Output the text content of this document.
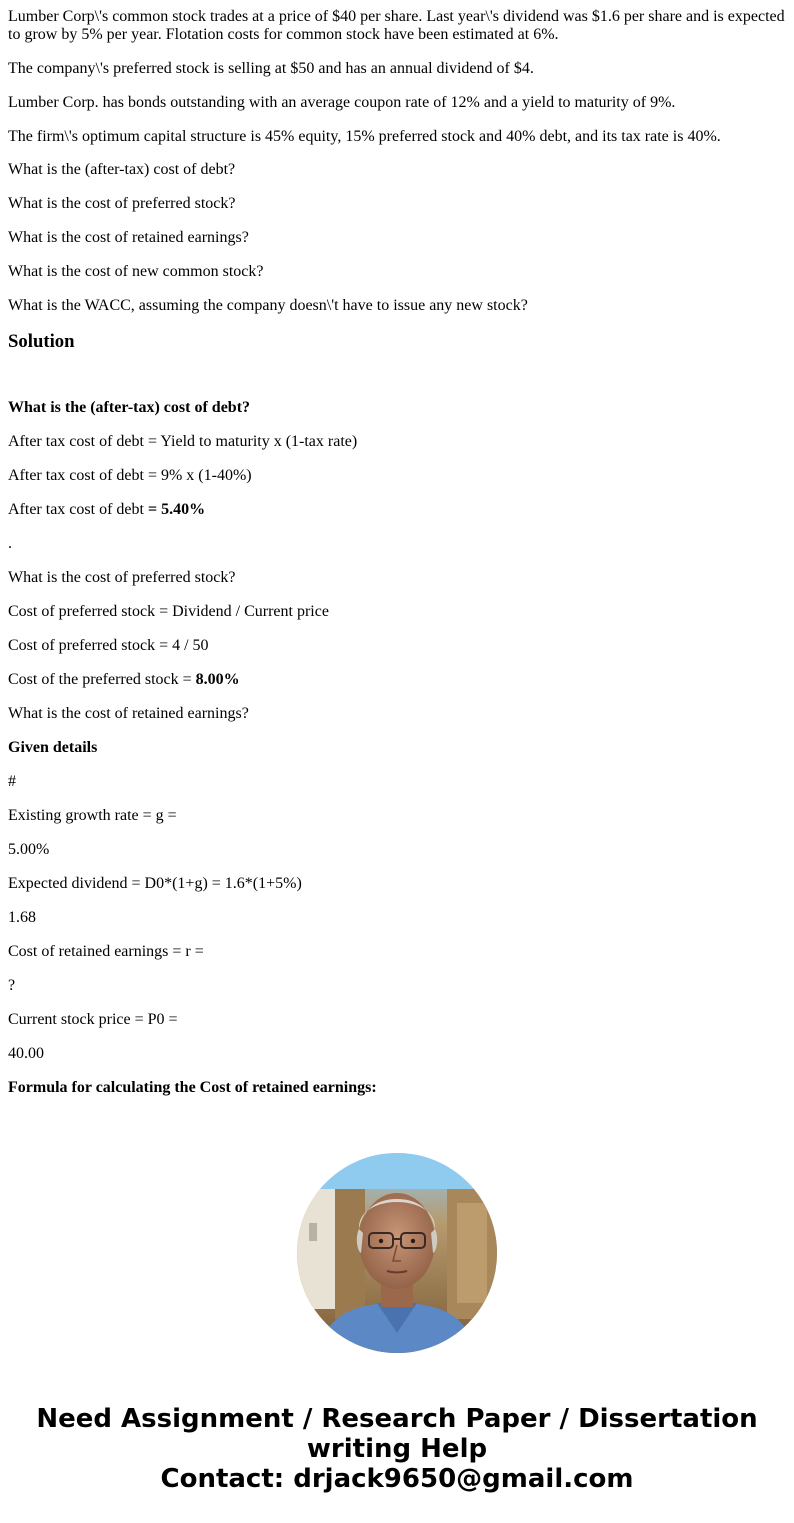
Lumber Corp\'s common stock trades at a price of $40 per share. Last year\'s dividend was $1.6 per share and is expected to grow by 5% per year. Flotation costs for common stock have been estimated at 6%.

The company\'s preferred stock is selling at $50 and has an annual dividend of $4.

Lumber Corp. has bonds outstanding with an average coupon rate of 12% and a yield to maturity of 9%.

The firm\'s optimum capital structure is 45% equity, 15% preferred stock and 40% debt, and its tax rate is 40%.

What is the (after-tax) cost of debt?

What is the cost of preferred stock?

What is the cost of retained earnings?

What is the cost of new common stock?

What is the WACC, assuming the company doesn\'t have to issue any new stock?

Solution

What is the (after-tax) cost of debt?

After tax cost of debt = Yield to maturity x (1-tax rate)

After tax cost of debt = 9% x (1-40%)

After tax cost of debt = 5.40%

.

What is the cost of preferred stock?

Cost of preferred stock = Dividend / Current price

Cost of preferred stock = 4 / 50

Cost of the preferred stock = 8.00%

What is the cost of retained earnings?

Given details

#

Existing growth rate = g =

5.00%

Expected dividend = D0*(1+g) = 1.6*(1+5%)

1.68

Cost of retained earnings = r =

?

Current stock price = P0 =

40.00

Formula for calculating the Cost of retained earnings:

Need Assignment / Research Paper / Dissertation
writing Help
Contact: drjack9650@gmail.com
